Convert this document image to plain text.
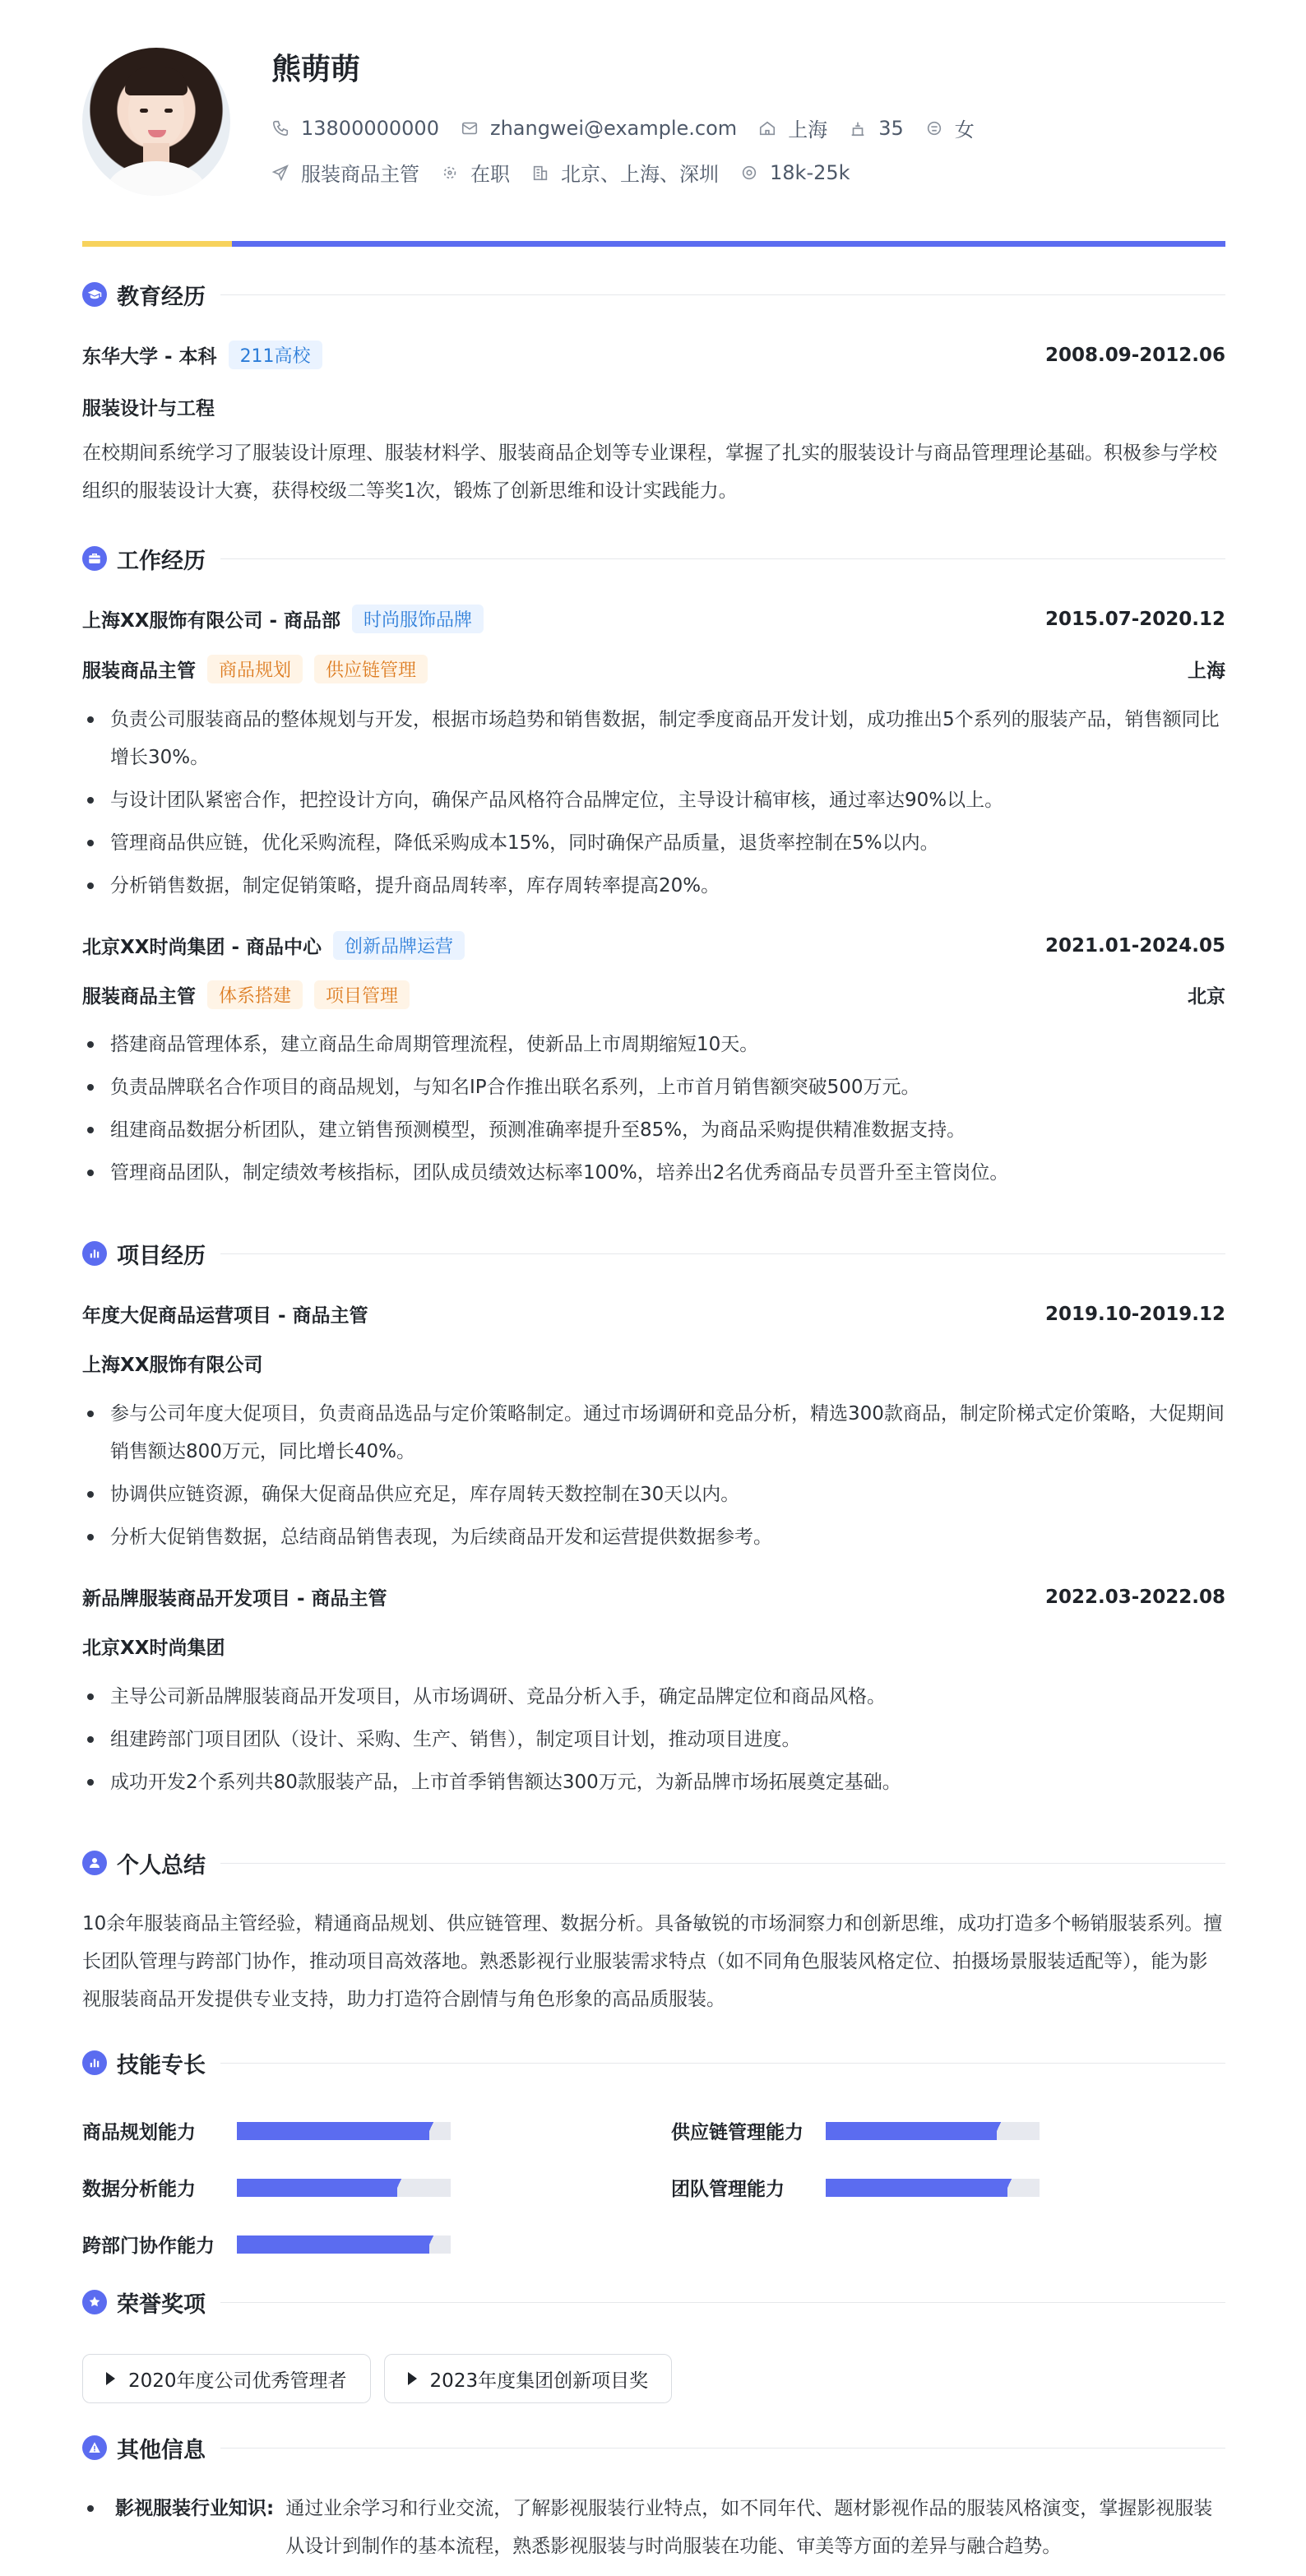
熊萌萌
13800000000	zhangwei@example.com	上海	35	女
服装商品主管	在职	北京、上海、深圳	18k-25k
教育经历
东华大学 - 本科	211高校	2008.09-2012.06
服装设计与工程

在校期间系统学习了服装设计原理、服装材料学、服装商品企划等专业课程，掌握了扎实的服装设计与商品管理理论基础。积极参与学校组织的服装设计大赛，获得校级二等奖1次，锻炼了创新思维和设计实践能力。

工作经历
上海XX服饰有限公司 - 商品部	时尚服饰品牌	2015.07-2020.12
服装商品主管	商品规划	供应链管理	上海
负责公司服装商品的整体规划与开发，根据市场趋势和销售数据，制定季度商品开发计划，成功推出5个系列的服装产品，销售额同比增长30%。
与设计团队紧密合作，把控设计方向，确保产品风格符合品牌定位，主导设计稿审核，通过率达90%以上。
管理商品供应链，优化采购流程，降低采购成本15%，同时确保产品质量，退货率控制在5%以内。
分析销售数据，制定促销策略，提升商品周转率，库存周转率提高20%。
北京XX时尚集团 - 商品中心	创新品牌运营	2021.01-2024.05
服装商品主管	体系搭建	项目管理	北京
搭建商品管理体系，建立商品生命周期管理流程，使新品上市周期缩短10天。
负责品牌联名合作项目的商品规划，与知名IP合作推出联名系列，上市首月销售额突破500万元。
组建商品数据分析团队，建立销售预测模型，预测准确率提升至85%，为商品采购提供精准数据支持。
管理商品团队，制定绩效考核指标，团队成员绩效达标率100%，培养出2名优秀商品专员晋升至主管岗位。
项目经历
年度大促商品运营项目 - 商品主管	2019.10-2019.12
上海XX服饰有限公司
参与公司年度大促项目，负责商品选品与定价策略制定。通过市场调研和竞品分析，精选300款商品，制定阶梯式定价策略，大促期间销售额达800万元，同比增长40%。
协调供应链资源，确保大促商品供应充足，库存周转天数控制在30天以内。
分析大促销售数据，总结商品销售表现，为后续商品开发和运营提供数据参考。
新品牌服装商品开发项目 - 商品主管	2022.03-2022.08
北京XX时尚集团
主导公司新品牌服装商品开发项目，从市场调研、竞品分析入手，确定品牌定位和商品风格。
组建跨部门项目团队（设计、采购、生产、销售），制定项目计划，推动项目进度。
成功开发2个系列共80款服装产品，上市首季销售额达300万元，为新品牌市场拓展奠定基础。
个人总结

10余年服装商品主管经验，精通商品规划、供应链管理、数据分析。具备敏锐的市场洞察力和创新思维，成功打造多个畅销服装系列。擅长团队管理与跨部门协作，推动项目高效落地。熟悉影视行业服装需求特点（如不同角色服装风格定位、拍摄场景服装适配等），能为影视服装商品开发提供专业支持，助力打造符合剧情与角色形象的高品质服装。

技能专长
商品规划能力	供应链管理能力
数据分析能力	团队管理能力
跨部门协作能力
荣誉奖项
2020年度公司优秀管理者	2023年度集团创新项目奖
其他信息
影视服装行业知识: 通过业余学习和行业交流，了解影视服装行业特点，如不同年代、题材影视作品的服装风格演变，掌握影视服装从设计到制作的基本流程，熟悉影视服装与时尚服装在功能、审美等方面的差异与融合趋势。
